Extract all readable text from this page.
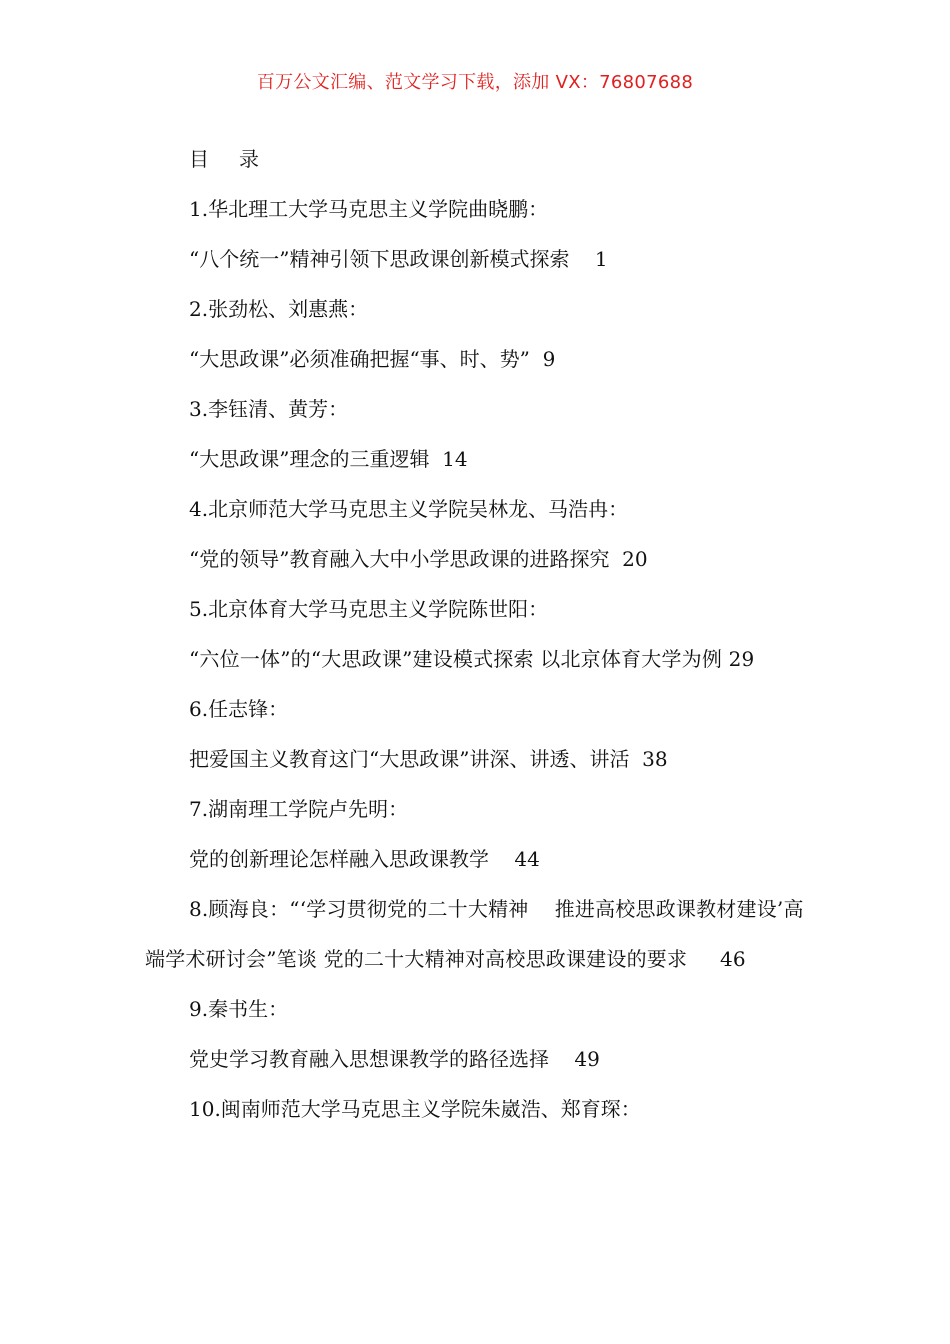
百万公文汇编、范文学习下载，添加 VX：76807688

目 录

1.华北理工大学马克思主义学院曲晓鹏：

“八个统一”精神引领下思政课创新模式探索    1

2.张劲松、刘惠燕：

“大思政课”必须准确把握“事、时、势”  9

3.李钰清、黄芳：

“大思政课”理念的三重逻辑  14

4.北京师范大学马克思主义学院吴林龙、马浩冉：

“党的领导”教育融入大中小学思政课的进路探究  20

5.北京体育大学马克思主义学院陈世阳：

“六位一体”的“大思政课”建设模式探索 以北京体育大学为例 29

6.任志锋：

把爱国主义教育这门“大思政课”讲深、讲透、讲活  38

7.湖南理工学院卢先明：

党的创新理论怎样融入思政课教学    44

8.顾海良：“‘学习贯彻党的二十大精神    推进高校思政课教材建设’高端学术研讨会”笔谈 党的二十大精神对高校思政课建设的要求     46

9.秦书生：

党史学习教育融入思想课教学的路径选择    49

10.闽南师范大学马克思主义学院朱崴浩、郑育琛：
